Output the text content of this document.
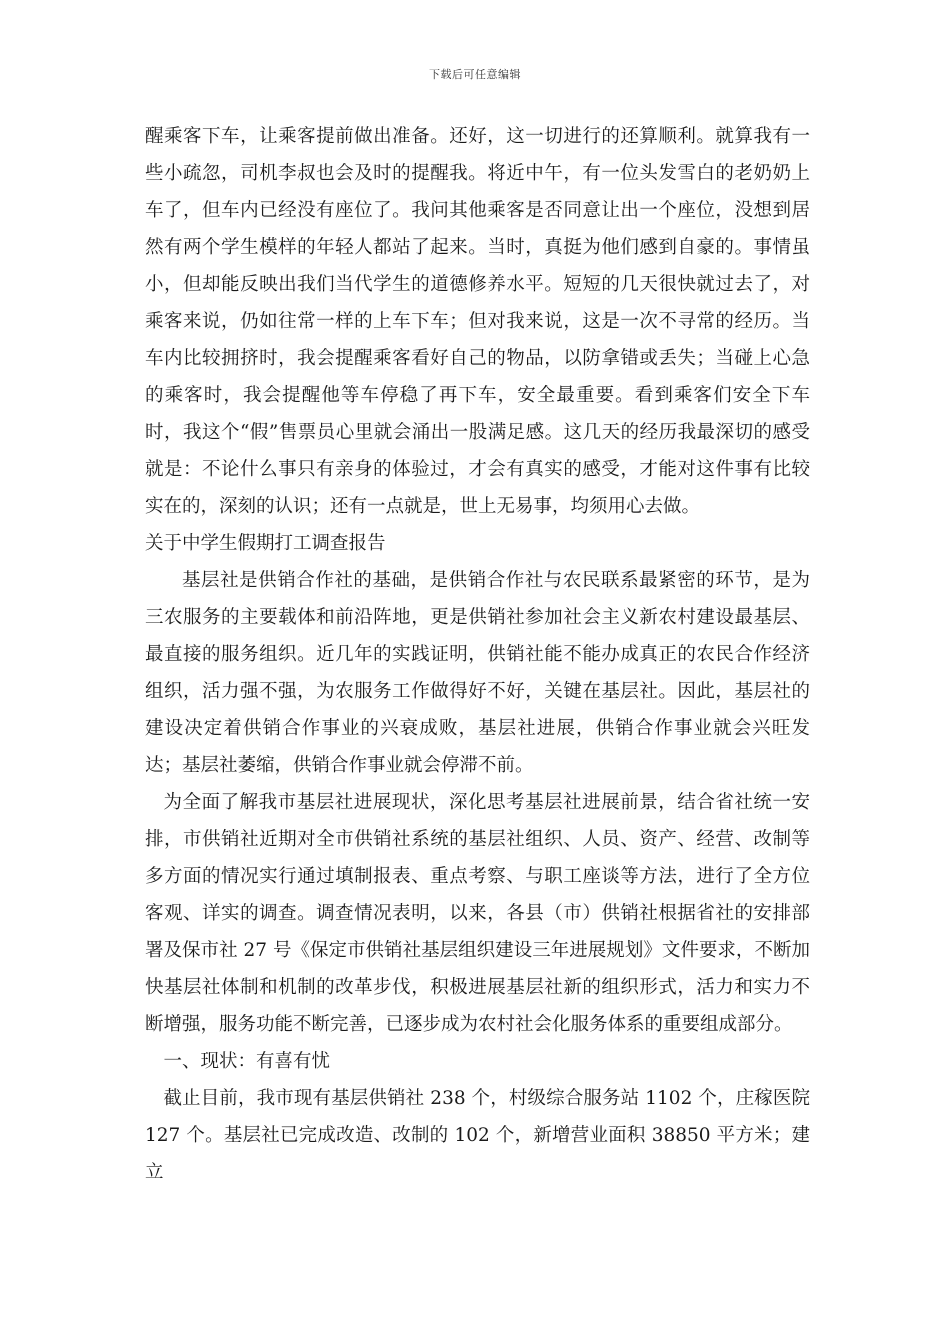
下载后可任意编辑

醒乘客下车，让乘客提前做出准备。还好，这一切进行的还算顺利。就算我有一些小疏忽，司机李叔也会及时的提醒我。将近中午，有一位头发雪白的老奶奶上车了，但车内已经没有座位了。我问其他乘客是否同意让出一个座位，没想到居然有两个学生模样的年轻人都站了起来。当时，真挺为他们感到自豪的。事情虽小，但却能反映出我们当代学生的道德修养水平。短短的几天很快就过去了，对乘客来说，仍如往常一样的上车下车；但对我来说，这是一次不寻常的经历。当车内比较拥挤时，我会提醒乘客看好自己的物品，以防拿错或丢失；当碰上心急的乘客时，我会提醒他等车停稳了再下车，安全最重要。看到乘客们安全下车时，我这个“假”售票员心里就会涌出一股满足感。这几天的经历我最深切的感受就是：不论什么事只有亲身的体验过，才会有真实的感受，才能对这件事有比较实在的，深刻的认识；还有一点就是，世上无易事，均须用心去做。

关于中学生假期打工调查报告

基层社是供销合作社的基础，是供销合作社与农民联系最紧密的环节，是为三农服务的主要载体和前沿阵地，更是供销社参加社会主义新农村建设最基层、最直接的服务组织。近几年的实践证明，供销社能不能办成真正的农民合作经济组织，活力强不强，为农服务工作做得好不好，关键在基层社。因此，基层社的建设决定着供销合作事业的兴衰成败，基层社进展，供销合作事业就会兴旺发达；基层社萎缩，供销合作事业就会停滞不前。

为全面了解我市基层社进展现状，深化思考基层社进展前景，结合省社统一安排，市供销社近期对全市供销社系统的基层社组织、人员、资产、经营、改制等多方面的情况实行通过填制报表、重点考察、与职工座谈等方法，进行了全方位客观、详实的调查。调查情况表明，以来，各县（市）供销社根据省社的安排部署及保市社 27 号《保定市供销社基层组织建设三年进展规划》文件要求，不断加快基层社体制和机制的改革步伐，积极进展基层社新的组织形式，活力和实力不断增强，服务功能不断完善，已逐步成为农村社会化服务体系的重要组成部分。

一、现状：有喜有忧

截止目前，我市现有基层供销社 238 个，村级综合服务站 1102 个，庄稼医院 127 个。基层社已完成改造、改制的 102 个，新增营业面积 38850 平方米；建立
